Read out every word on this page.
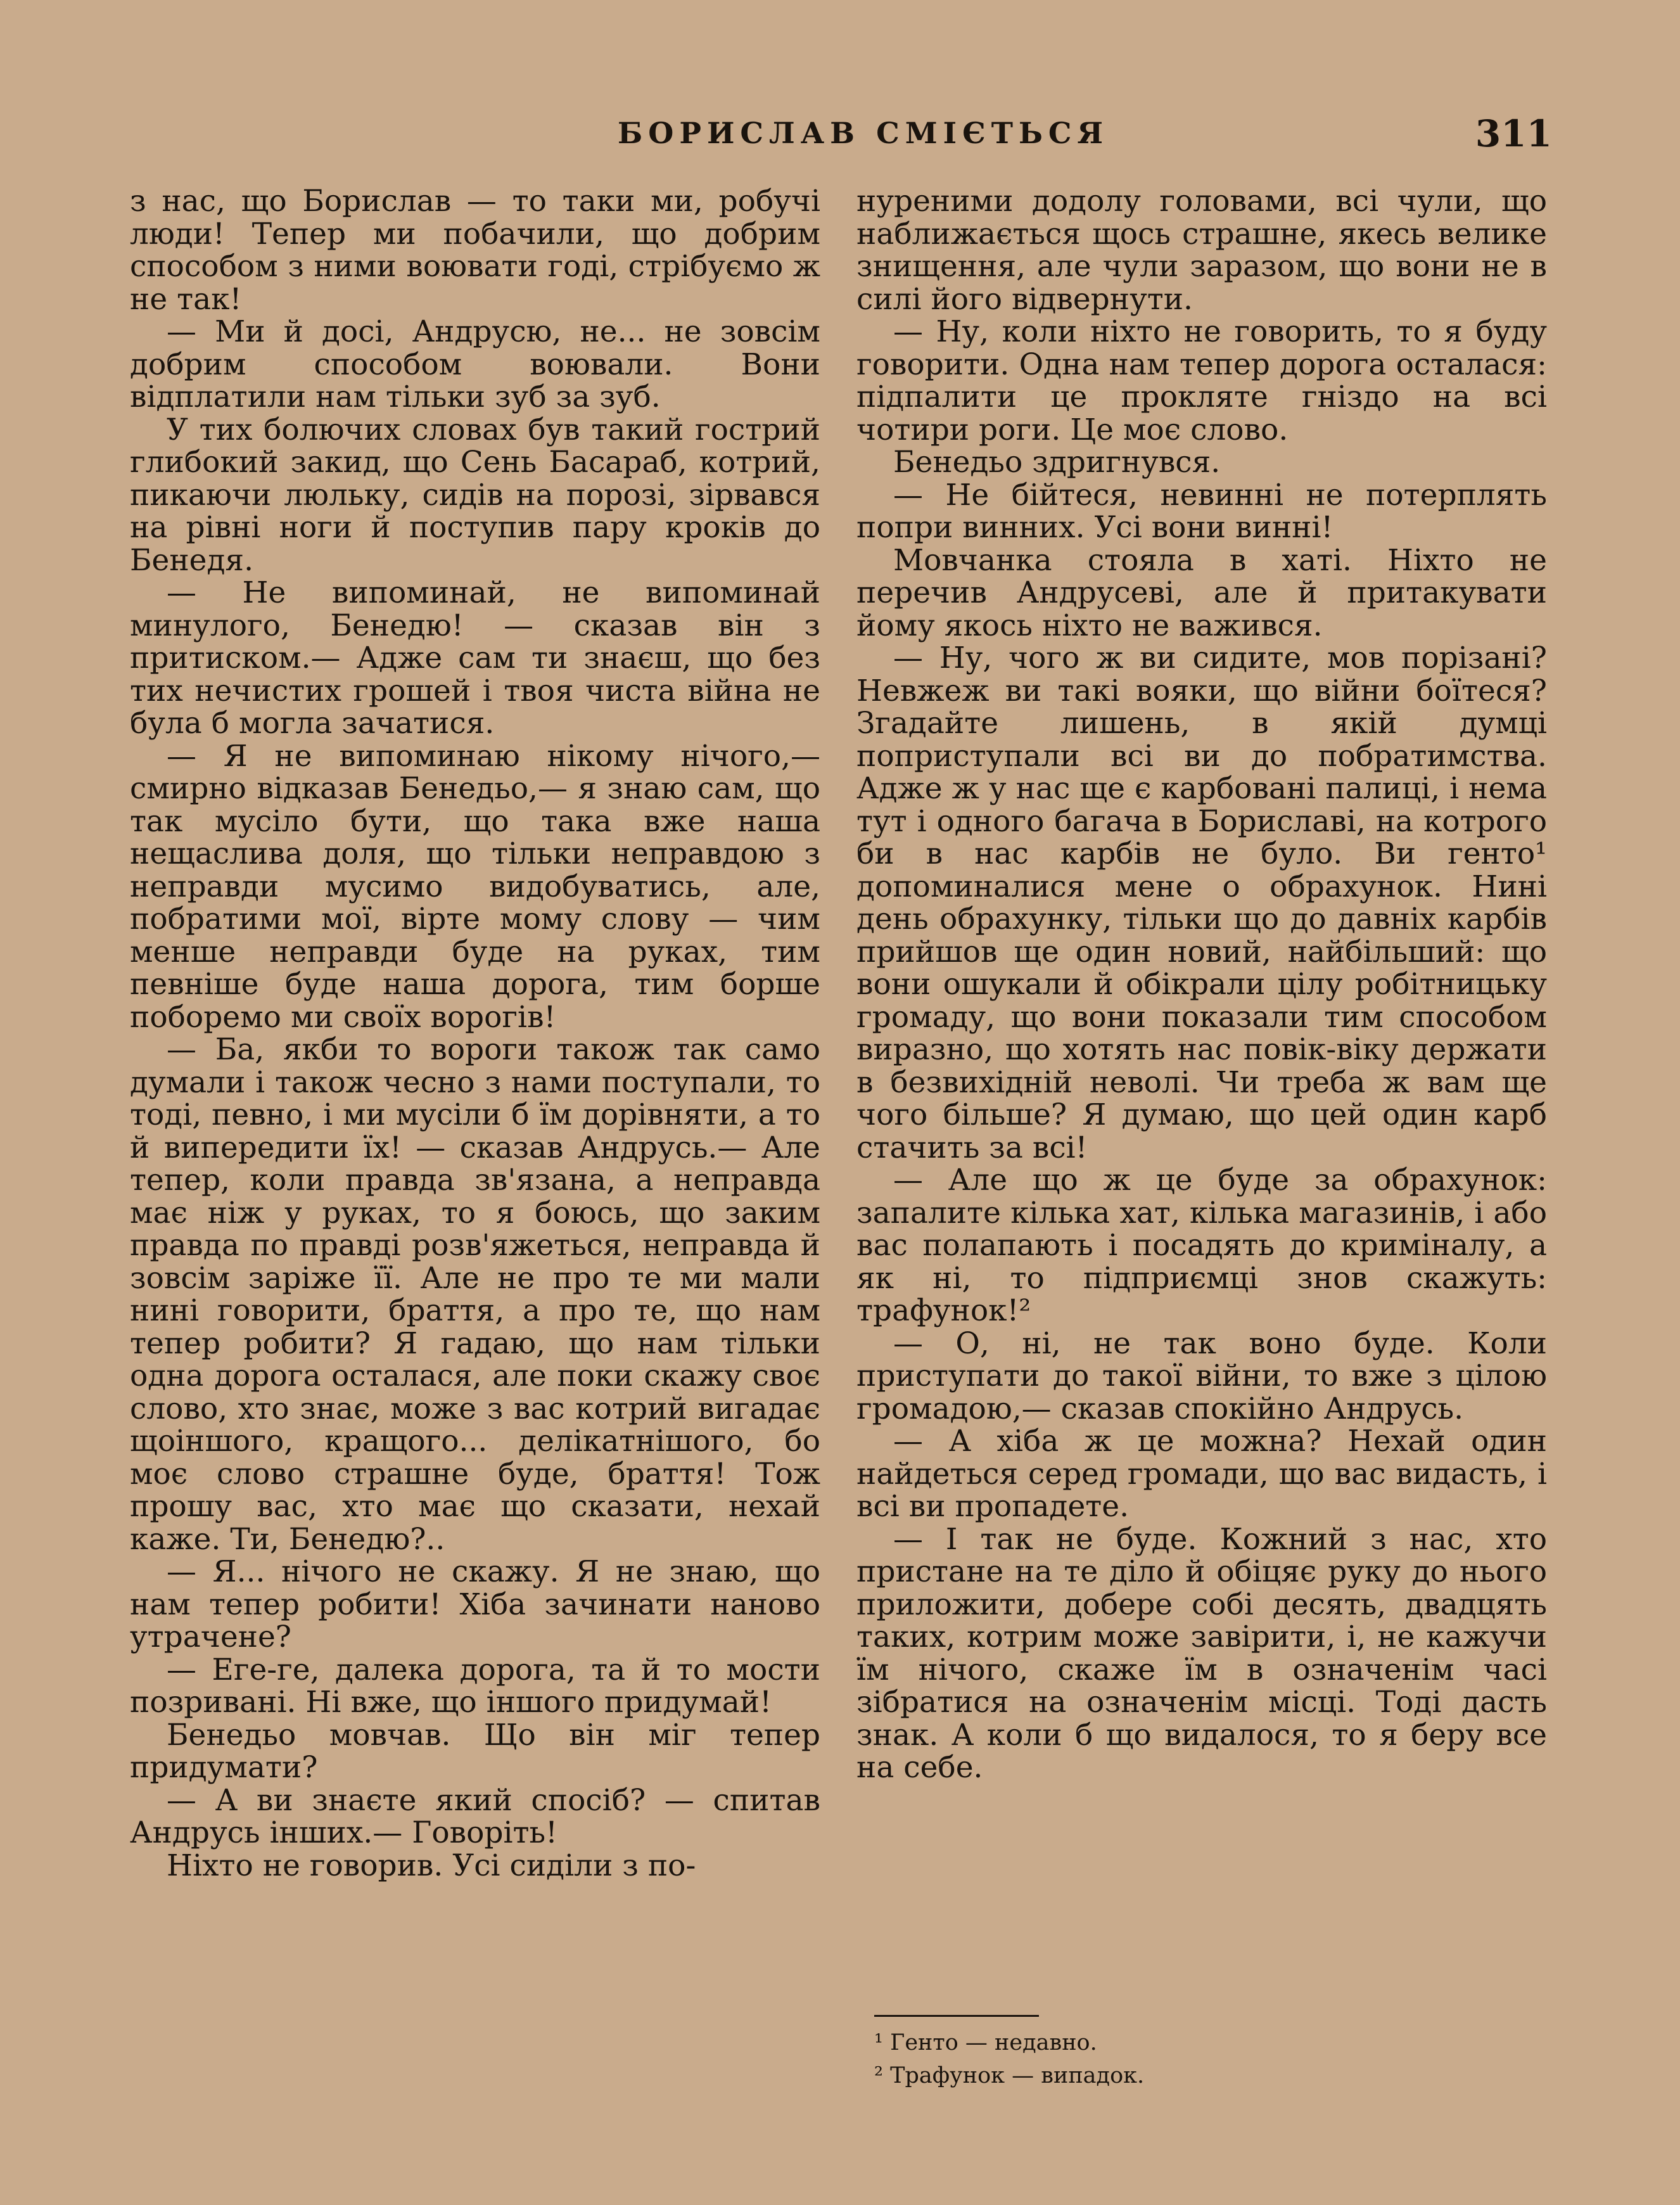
БОРИСЛАВ СМІЄТЬСЯ	311

з нас, що Борислав — то таки ми, робучі люди! Тепер ми побачили, що добрим способом з ними воювати годі, стрібуємо ж не так!

— Ми й досі, Андрусю, не... не зовсім добрим способом воювали. Вони відплатили нам тільки зуб за зуб.

У тих болючих словах був такий гострий глибокий закид, що Сень Басараб, котрий, пикаючи люльку, сидів на порозі, зірвався на рівні ноги й поступив пару кроків до Бенедя.

— Не випоминай, не випоминай минулого, Бенедю! — сказав він з притиском.— Адже сам ти знаєш, що без тих нечистих грошей і твоя чиста війна не була б могла зачатися.

— Я не випоминаю нікому нічого,— смирно відказав Бенедьо,— я знаю сам, що так мусіло бути, що така вже наша нещаслива доля, що тільки неправдою з неправди мусимо видобуватись, але, побратими мої, вірте мому слову — чим менше неправди буде на руках, тим певніше буде наша дорога, тим борше поборемо ми своїх ворогів!

— Ба, якби то вороги також так само думали і також чесно з нами поступали, то тоді, певно, і ми мусіли б їм дорівняти, а то й випередити їх! — сказав Андрусь.— Але тепер, коли правда зв'язана, а неправда має ніж у руках, то я боюсь, що заким правда по правді розв'яжеться, неправда й зовсім заріже її. Але не про те ми мали нині говорити, браття, а про те, що нам тепер робити? Я гадаю, що нам тільки одна дорога осталася, але поки скажу своє слово, хто знає, може з вас котрий вигадає щоіншого, кращого... делікатнішого, бо моє слово страшне буде, браття! Тож прошу вас, хто має що сказати, нехай каже. Ти, Бенедю?..

— Я... нічого не скажу. Я не знаю, що нам тепер робити! Хіба зачинати наново утрачене?

— Еге-ге, далека дорога, та й то мости позривані. Ні вже, що іншого придумай!

Бенедьо мовчав. Що він міг тепер придумати?

— А ви знаєте який спосіб? — спитав Андрусь інших.— Говоріть!

Ніхто не говорив. Усі сиділи з по-

нуреними додолу головами, всі чули, що наближається щось страшне, якесь велике знищення, але чули заразом, що вони не в силі його відвернути.

— Ну, коли ніхто не говорить, то я буду говорити. Одна нам тепер дорога осталася: підпалити це прокляте гніздо на всі чотири роги. Це моє слово.

Бенедьо здригнувся.

— Не бійтеся, невинні не потерплять попри винних. Усі вони винні!

Мовчанка стояла в хаті. Ніхто не перечив Андрусеві, але й притакувати йому якось ніхто не важився.

— Ну, чого ж ви сидите, мов порізані? Невжеж ви такі вояки, що війни боїтеся? Згадайте лишень, в якій думці поприступали всі ви до побратимства. Адже ж у нас ще є карбовані палиці, і нема тут і одного багача в Бориславі, на котрого би в нас карбів не було. Ви генто¹ допоминалися мене о обрахунок. Нині день обрахунку, тільки що до давніх карбів прийшов ще один новий, найбільший: що вони ошукали й обікрали цілу робітницьку громаду, що вони показали тим способом виразно, що хотять нас повік-віку держати в безвихідній неволі. Чи треба ж вам ще чого більше? Я думаю, що цей один карб стачить за всі!

— Але що ж це буде за обрахунок: запалите кілька хат, кілька магазинів, і або вас полапають і посадять до криміналу, а як ні, то підприємці знов скажуть: трафунок!²

— О, ні, не так воно буде. Коли приступати до такої війни, то вже з цілою громадою,— сказав спокійно Андрусь.

— А хіба ж це можна? Нехай один найдеться серед громади, що вас видасть, і всі ви пропадете.

— І так не буде. Кожний з нас, хто пристане на те діло й обіцяє руку до нього приложити, добере собі десять, двадцять таких, котрим може завірити, і, не кажучи їм нічого, скаже їм в означенім часі зібратися на означенім місці. Тоді дасть знак. А коли б що видалося, то я беру все на себе.

¹ Генто — недавно.
² Трафунок — випадок.
